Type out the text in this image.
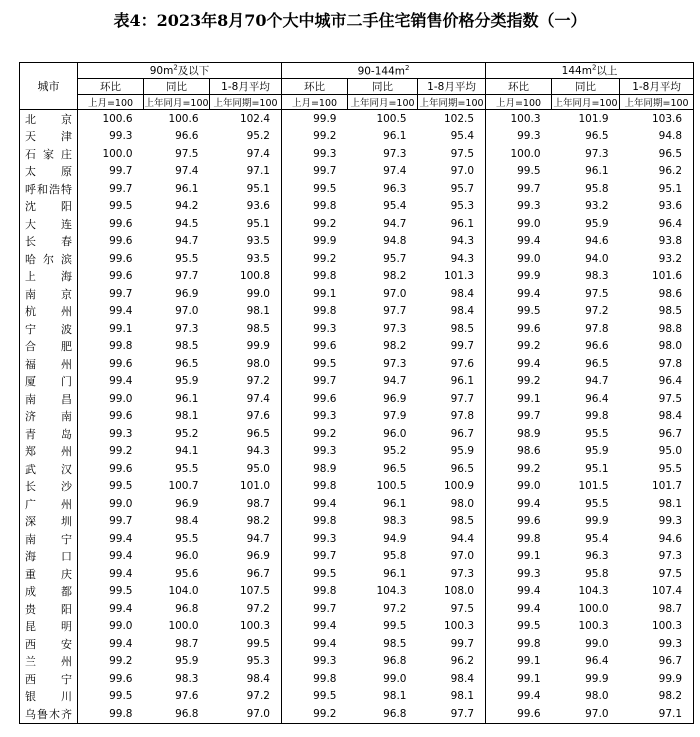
表4：2023年8月70个大中城市二手住宅销售价格分类指数（一）
城市	$90m^2$及以下			$90-144m^2$			$144m^2$以上		
	环比	同比	1-8月平均	环比	同比	1-8月平均	环比	同比	1-8月平均
	上月=100	上年同月=100	上年同期=100	上月=100	上年同月=100	上年同期=100	上月=100	上年同月=100	上年同期=100
北京	100.6	100.6	102.4	99.9	100.5	102.5	100.3	101.9	103.6
天津	99.3	96.6	95.2	99.2	96.1	95.4	99.3	96.5	94.8
石家庄	100.0	97.5	97.4	99.3	97.3	97.5	100.0	97.3	96.5
太原	99.7	97.4	97.1	99.7	97.4	97.0	99.5	96.1	96.2
呼和浩特	99.7	96.1	95.1	99.5	96.3	95.7	99.7	95.8	95.1
沈阳	99.5	94.2	93.6	99.8	95.4	95.3	99.3	93.2	93.6
大连	99.6	94.5	95.1	99.2	94.7	96.1	99.0	95.9	96.4
长春	99.6	94.7	93.5	99.9	94.8	94.3	99.4	94.6	93.8
哈尔滨	99.6	95.5	93.5	99.2	95.7	94.3	99.0	94.0	93.2
上海	99.6	97.7	100.8	99.8	98.2	101.3	99.9	98.3	101.6
南京	99.7	96.9	99.0	99.1	97.0	98.4	99.4	97.5	98.6
杭州	99.4	97.0	98.1	99.8	97.7	98.4	99.5	97.2	98.5
宁波	99.1	97.3	98.5	99.3	97.3	98.5	99.6	97.8	98.8
合肥	99.8	98.5	99.9	99.6	98.2	99.7	99.2	96.6	98.0
福州	99.6	96.5	98.0	99.5	97.3	97.6	99.4	96.5	97.8
厦门	99.4	95.9	97.2	99.7	94.7	96.1	99.2	94.7	96.4
南昌	99.0	96.1	97.4	99.6	96.9	97.7	99.1	96.4	97.5
济南	99.6	98.1	97.6	99.3	97.9	97.8	99.7	99.8	98.4
青岛	99.3	95.2	96.5	99.2	96.0	96.7	98.9	95.5	96.7
郑州	99.2	94.1	94.3	99.3	95.2	95.9	98.6	95.9	95.0
武汉	99.6	95.5	95.0	98.9	96.5	96.5	99.2	95.1	95.5
长沙	99.5	100.7	101.0	99.8	100.5	100.9	99.0	101.5	101.7
广州	99.0	96.9	98.7	99.4	96.1	98.0	99.4	95.5	98.1
深圳	99.7	98.4	98.2	99.8	98.3	98.5	99.6	99.9	99.3
南宁	99.4	95.5	94.7	99.3	94.9	94.4	99.8	95.4	94.6
海口	99.4	96.0	96.9	99.7	95.8	97.0	99.1	96.3	97.3
重庆	99.4	95.6	96.7	99.5	96.1	97.3	99.3	95.8	97.5
成都	99.5	104.0	107.5	99.8	104.3	108.0	99.4	104.3	107.4
贵阳	99.4	96.8	97.2	99.7	97.2	97.5	99.4	100.0	98.7
昆明	99.0	100.0	100.3	99.4	99.5	100.3	99.5	100.3	100.3
西安	99.4	98.7	99.5	99.4	98.5	99.7	99.8	99.0	99.3
兰州	99.2	95.9	95.3	99.3	96.8	96.2	99.1	96.4	96.7
西宁	99.6	98.3	98.4	99.8	99.0	98.4	99.1	99.9	99.9
银川	99.5	97.6	97.2	99.5	98.1	98.1	99.4	98.0	98.2
乌鲁木齐	99.8	96.8	97.0	99.2	96.8	97.7	99.6	97.0	97.1
